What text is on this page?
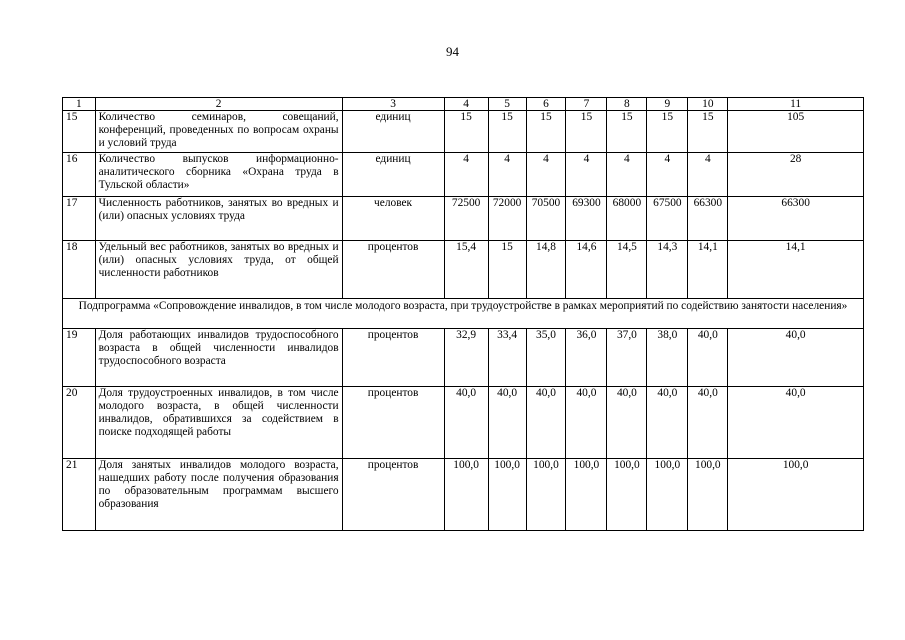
94
1	2	3	4	5	6	7	8	9	10	11
15	Количество семинаров, совещаний, конференций, проведенных по вопросам охраны и условий труда	единиц	15	15	15	15	15	15	15	105
16	Количество выпусков информационно-аналитического сборника «Охрана труда в Тульской области»	единиц	4	4	4	4	4	4	4	28
17	Численность работников, занятых во вредных и (или) опасных условиях труда	человек	72500	72000	70500	69300	68000	67500	66300	66300
18	Удельный вес работников, занятых во вредных и (или) опасных условиях труда, от общей численности работников	процентов	15,4	15	14,8	14,6	14,5	14,3	14,1	14,1
Подпрограмма «Сопровождение инвалидов, в том числе молодого возраста, при трудоустройстве в рамках мероприятий по содействию занятости населения»										
19	Доля работающих инвалидов трудоспособного возраста в общей численности инвалидов трудоспособного возраста	процентов	32,9	33,4	35,0	36,0	37,0	38,0	40,0	40,0
20	Доля трудоустроенных инвалидов, в том числе молодого возраста, в общей численности инвалидов, обратившихся за содействием в поиске подходящей работы	процентов	40,0	40,0	40,0	40,0	40,0	40,0	40,0	40,0
21	Доля занятых инвалидов молодого возраста, нашедших работу после получения образования по образовательным программам высшего образования	процентов	100,0	100,0	100,0	100,0	100,0	100,0	100,0	100,0
